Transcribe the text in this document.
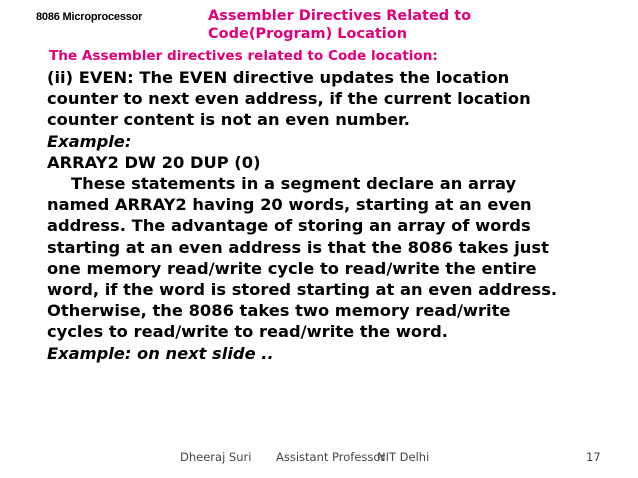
8086 Microprocessor	Assembler Directives Related to
Code(Program) Location
The Assembler directives related to Code location:
(ii) EVEN: The EVEN directive updates the location
counter to next even address, if the current location
counter content is not an even number.
Example:
ARRAY2 DW 20 DUP (0)
These statements in a segment declare an array
named ARRAY2 having 20 words, starting at an even
address. The advantage of storing an array of words
starting at an even address is that the 8086 takes just
one memory read/write cycle to read/write the entire
word, if the word is stored starting at an even address.
Otherwise, the 8086 takes two memory read/write
cycles to read/write to read/write the word.
Example: on next slide ..
Dheeraj Suri Assistant Professor
NIT Delhi	17
